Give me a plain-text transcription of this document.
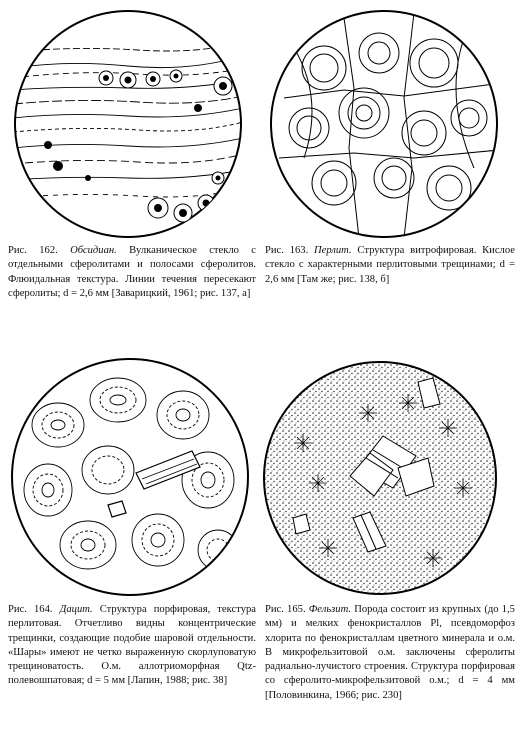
Рис. 162. Обсидиан. Вулканическое стекло с отдельными сферолитами и полосами сферолитов. Флюидальная текстура. Линии течения пересекают сферолиты; d = 2,6 мм [Заварицкий, 1961; рис. 137, а]
Рис. 163. Перлит. Структура витрофировая. Кислое стекло с характерными перлитовыми трещинами; d = 2,6 мм [Там же; рис. 138, б]
Рис. 164. Дацит. Структура порфировая, текстура перлитовая. Отчетливо видны концентрические трещинки, создающие подобие шаровой отдельности. «Шары» имеют не четко выраженную скорлуповатую трещиноватость. О.м. аллотриоморфная Qtz-полевошпатовая; d = 5 мм [Лапин, 1988; рис. 38]
Рис. 165. Фельзит. Порода состоит из крупных (до 1,5 мм) и мелких фенокристаллов Pl, псевдоморфоз хлорита по фенокристаллам цветного минерала и о.м. В микрофельзитовой о.м. заключены сферолиты радиально-лучистого строения. Структура порфировая со сферолито-микрофельзитовой о.м.; d = 4 мм [Половинкина, 1966; рис. 230]
